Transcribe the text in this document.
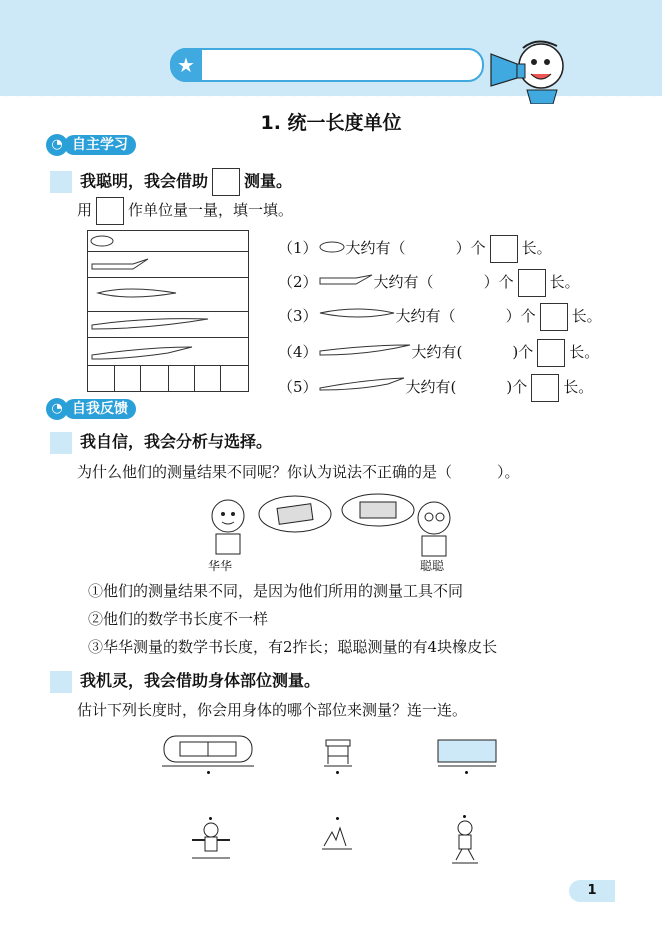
★
1. 统一长度单位
自主学习
◔
我聪明，我会借助 测量。
用 作单位量一量，填一填。
（1） 大约有（	）个 长。
（2）	大约有（	）个 长。
（3）	大约有（	）个 长。
（4）	大约有(	)个 长。
（5）	大约有(	)个 长。
自我反馈
◔
我自信，我会分析与选择。
为什么他们的测量结果不同呢？你认为说法不正确的是（　　　）。
华华	聪聪
①他们的测量结果不同，是因为他们所用的测量工具不同
②他们的数学书长度不一样
③华华测量的数学书长度，有2拃长；聪聪测量的有4块橡皮长
我机灵，我会借助身体部位测量。
估计下列长度时，你会用身体的哪个部位来测量？连一连。
1
